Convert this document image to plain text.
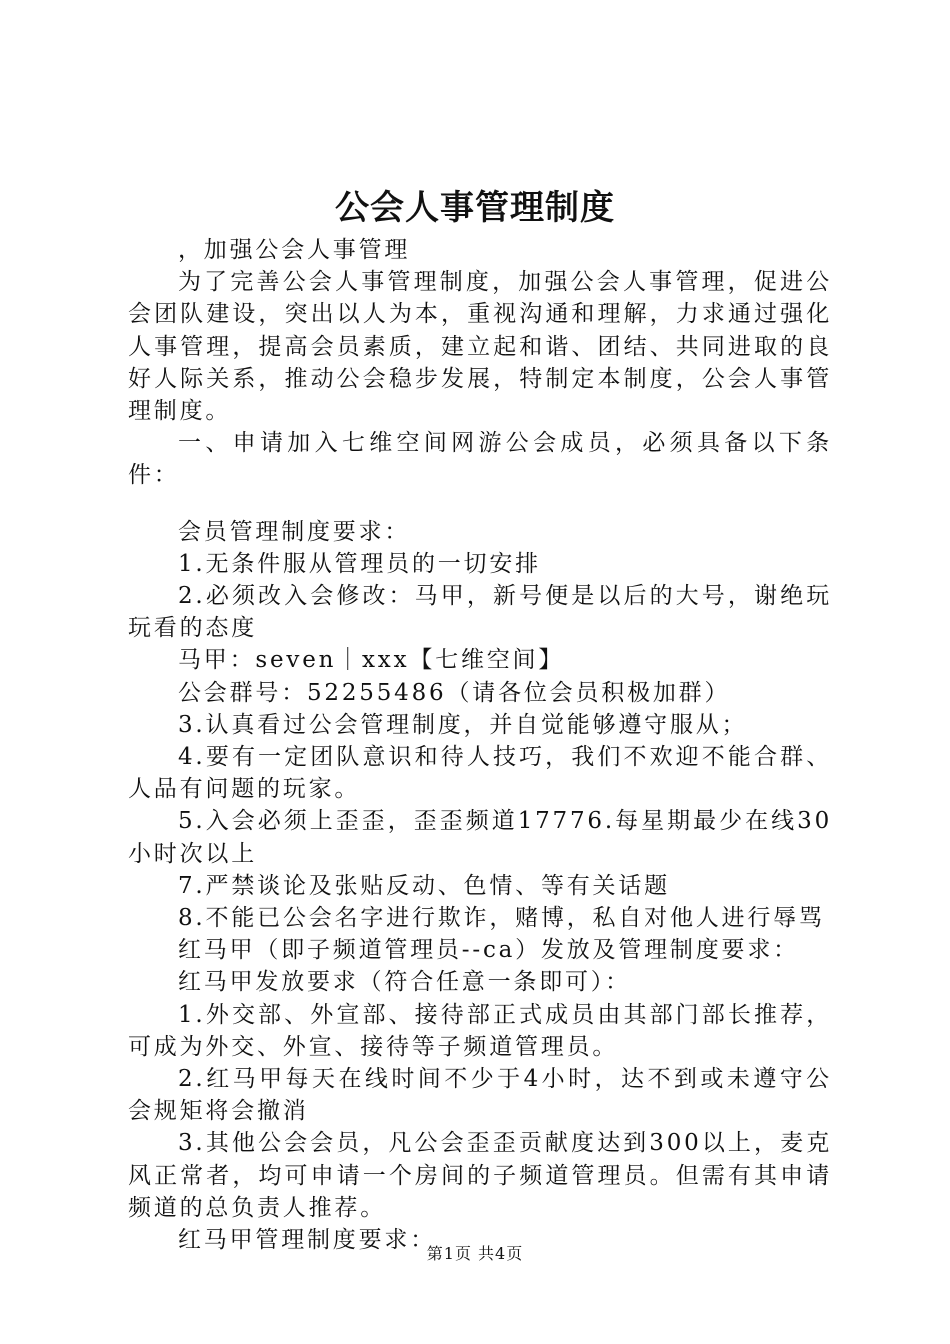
公会人事管理制度

，加强公会人事管理

为了完善公会人事管理制度，加强公会人事管理，促进公会团队建设，突出以人为本，重视沟通和理解，力求通过强化人事管理，提高会员素质，建立起和谐、团结、共同进取的良好人际关系，推动公会稳步发展，特制定本制度，公会人事管理制度。

一、申请加入七维空间网游公会成员，必须具备以下条件：

会员管理制度要求：

1.无条件服从管理员的一切安排

2.必须改入会修改：马甲，新号便是以后的大号，谢绝玩玩看的态度

马甲：seven｜xxx【七维空间】

公会群号：52255486（请各位会员积极加群）

3.认真看过公会管理制度，并自觉能够遵守服从；

4.要有一定团队意识和待人技巧，我们不欢迎不能合群、人品有问题的玩家。

5.入会必须上歪歪，歪歪频道17776.每星期最少在线30小时次以上

7.严禁谈论及张贴反动、色情、等有关话题

8.不能已公会名字进行欺诈，赌博，私自对他人进行辱骂

红马甲（即子频道管理员--ca）发放及管理制度要求：

红马甲发放要求（符合任意一条即可）：

1.外交部、外宣部、接待部正式成员由其部门部长推荐，可成为外交、外宣、接待等子频道管理员。

2.红马甲每天在线时间不少于4小时，达不到或未遵守公会规矩将会撤消

3.其他公会会员，凡公会歪歪贡献度达到300以上，麦克风正常者，均可申请一个房间的子频道管理员。但需有其申请频道的总负责人推荐。

红马甲管理制度要求：

第1页 共4页
